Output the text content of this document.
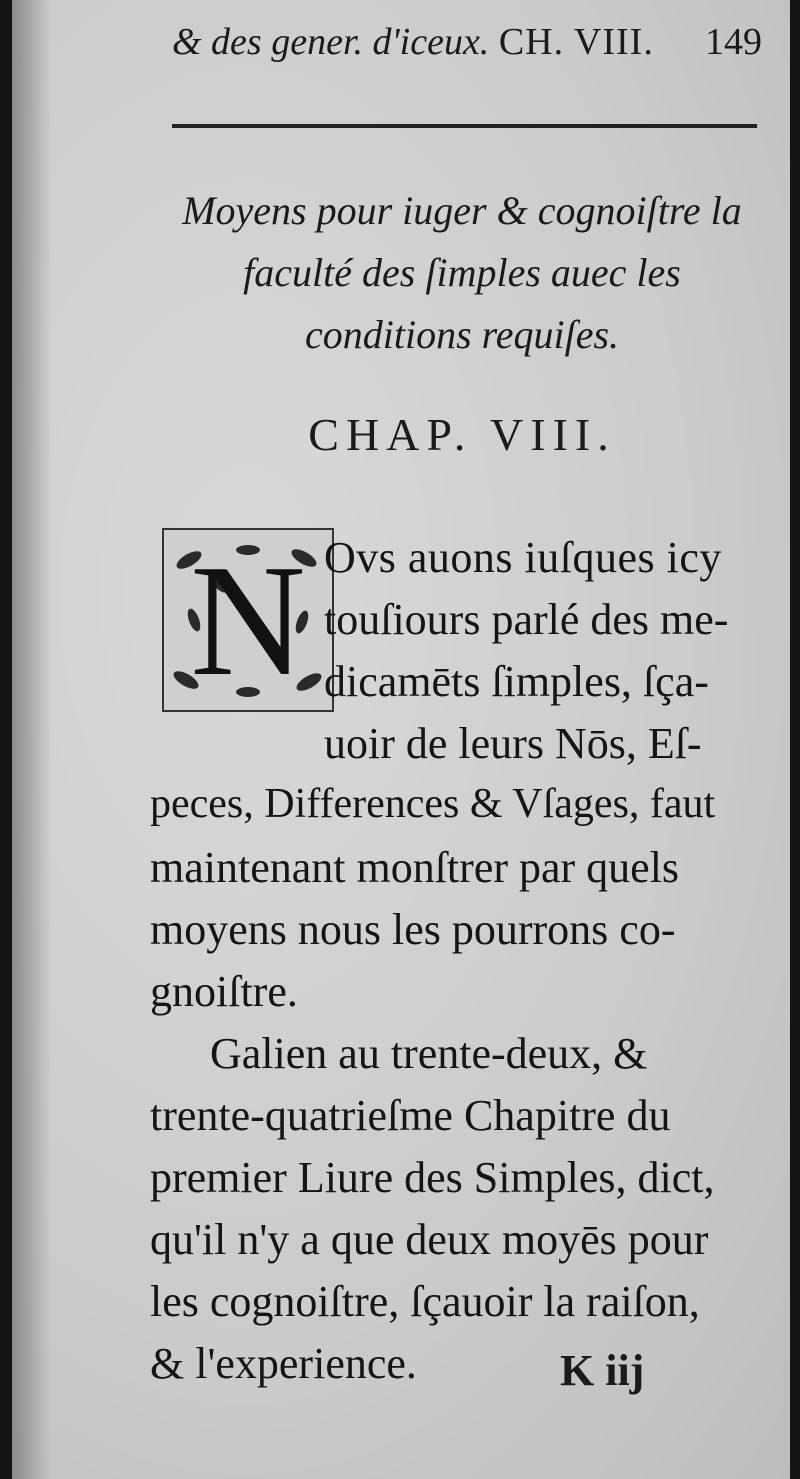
& des gener. d'iceux. CH. VIII. 149
Moyens pour iuger & cognoiſtre la
faculté des ſimples auec les
conditions requiſes.
CHAP. VIII.
N Ovs auons iuſques icy
touſiours parlé des me-
dicamēts ſimples, ſça-
uoir de leurs Nōs, Eſ-
peces, Differences & Vſages, faut
maintenant monſtrer par quels
moyens nous les pourrons co-
gnoiſtre.
Galien au trente-deux, &
trente-quatrieſme Chapitre du
premier Liure des Simples, dict,
qu'il n'y a que deux moyēs pour
les cognoiſtre, ſçauoir la raiſon,
& l'experience.	K iij
